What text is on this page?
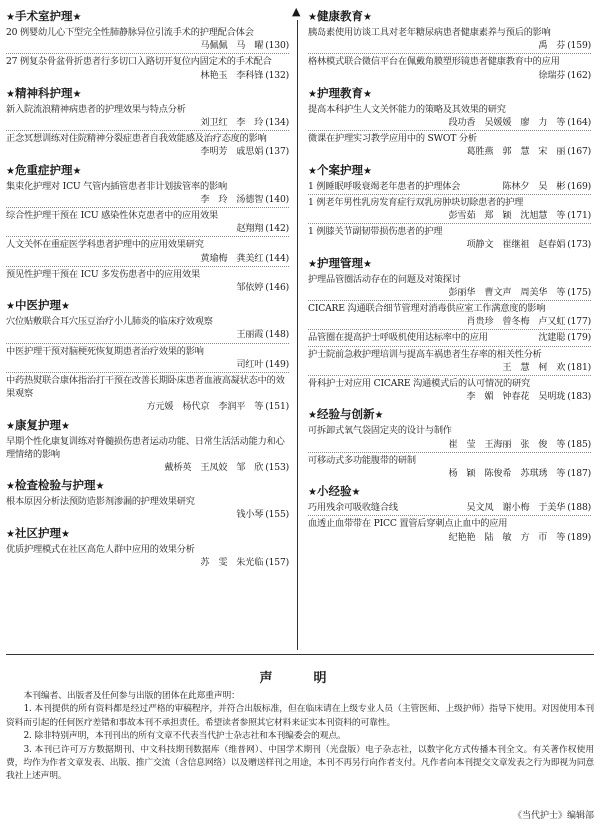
★手术室护理★
20 例婴幼儿心下型完全性肺静脉异位引流手术的护理配合体会
马佩佩　马　曜 (130)
27 例复杂骨盆骨折患者行多切口入路切开复位内固定术的手术配合
林艳玉　李科锋 (132)
★精神科护理★
新入院流浪精神病患者的护理效果与特点分析
刘卫红　李　玲 (134)
正念冥想训练对住院精神分裂症患者自我效能感及治疗态度的影响
李明芳　戚思娟 (137)
★危重症护理★
集束化护理对 ICU 气管内插管患者非计划拔管率的影响
李　玲　汤德智 (140)
综合性护理干预在 ICU 感染性休克患者中的应用效果
赵翔翔 (142)
人文关怀在重症医学科患者护理中的应用效果研究
黄瑜梅　龚美红 (144)
预见性护理干预在 ICU 多发伤患者中的应用效果
邹依婷 (146)
★中医护理★
穴位贴敷联合耳穴压豆治疗小儿肺炎的临床疗效观察
王丽霞 (148)
中医护理干预对脑梗死恢复期患者治疗效果的影响
司红叶 (149)
中药热熨联合康体指治打干预在改善长期卧床患者血液高凝状态中的效果观察
方元媛　杨代京　李润平　等 (151)
★康复护理★
早期个性化康复训练对脊髓损伤患者运动功能、日常生活活动能力和心理情绪的影响
戴桥英　王凤姣　邹　欣 (153)
★检查检验与护理★
根本原因分析法预防造影剂渗漏的护理效果研究
钱小琴 (155)
★社区护理★
优质护理模式在社区高危人群中应用的效果分析
苏　雯　朱光临 (157)
▲ ★健康教育★
胰岛素使用访谈工具对老年糖尿病患者健康素养与预后的影响
禹　芬 (159)
格林模式联合微信平台在佩戴角膜塑形镜患者健康教育中的应用
徐瑞芬 (162)
★护理教育★
提高本科护生人文关怀能力的策略及其效果的研究
段功香　吴媛媛　廖　力　等 (164)
微课在护理实习教学应用中的 SWOT 分析
葛胜燕　郭　慧　宋　丽 (167)
★个案护理★
1 例睡眠呼吸衰竭老年患者的护理体会	陈林夕　吴　彬 (169)
1 例老年男性乳房发育症行双乳房肿块切除患者的护理
彭雪茹　郑　颖　沈旭慧　等 (171)
1 例膝关节副韧带损伤患者的护理
项静文　崔继祖　赵春娟 (173)
★护理管理★
护理品管圈活动存在的问题及对策探讨
彭丽华　曹文声　周美华　等 (175)
CICARE 沟通联合细节管理对消毒供应室工作满意度的影响
肖贵珍　曾冬梅　卢又虹 (177)
品管圈在提高护士呼吸机使用达标率中的应用	沈建聪 (179)
护士院前急救护理培训与提高车祸患者生存率的相关性分析
王　慧　柯　欢 (181)
骨科护士对应用 CICARE 沟通模式后的认可情况的研究
李　媚　钟春花　吴明珑 (183)
★经验与创新★
可拆卸式氧气袋固定夹的设计与制作
崔　莹　王海丽　张　俊　等 (185)
可移动式多功能腹带的研制
杨　颖　陈俊希　苏琪琇　等 (187)
★小经验★
巧用残余可吸收缝合线	吴文凤　谢小梅　于美华 (188)
血透止血带带在 PICC 置管后穿刺点止血中的应用
纪艳艳　陆　敏　方　帀　等 (189)
声　明

本刊编者、出版者及任何参与出版的团体在此郑重声明：

1. 本刊提供的所有资料都是经过严格的审稿程序，并符合出版标准，但在临床请在上级专业人员（主管医师、上级护师）指导下使用。对因使用本刊资料而引起的任何医疗差错和事故本刊不承担责任。希望读者参照其它材料来证实本刊资料的可靠性。

2. 除非特别声明，本刊刊出的所有文章不代表当代护士杂志社和本刊编委会的观点。

3. 本刊已许可万方数据期刊、中文科技期刊数据库（维普网）、中国学术期刊（光盘版）电子杂志社，以数字化方式传播本刊全文。有关著作权使用费，均作为作者文章发表、出版、推广交流（含信息网络）以及赠送样刊之用途，本刊不再另行向作者支付。凡作者向本刊提交文章发表之行为即视为同意我社上述声明。

《当代护士》编辑部
